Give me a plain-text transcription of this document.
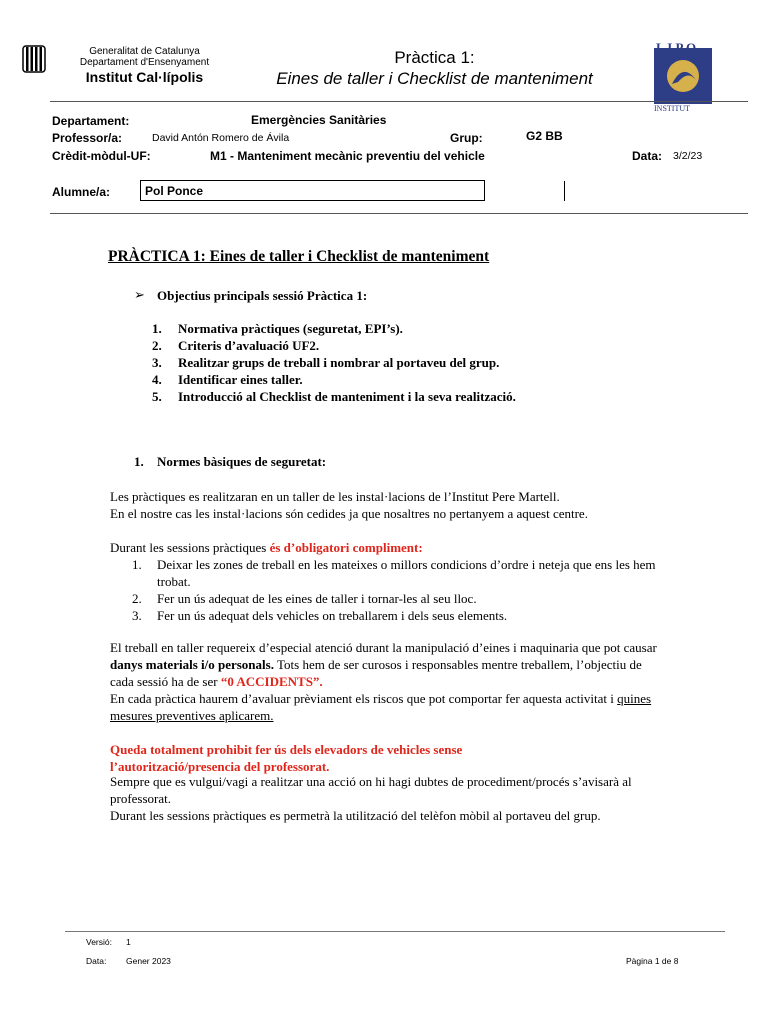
Generalitat de Catalunya
Departament d'Ensenyament
Institut Cal·lípolis
Pràctica 1:
Eines de taller i Checklist de manteniment
L I P O
INSTITUT
Departament:	Emergències Sanitàries
Professor/a:	David Antón Romero de Ávila	Grup:	G2 BB
Crèdit-mòdul-UF:	M1 - Manteniment mecànic preventiu del vehicle	Data: 3/2/23
Alumne/a:	Pol Ponce
PRÀCTICA 1: Eines de taller i Checklist de manteniment
➢ Objectius principals sessió Pràctica 1:
1. Normativa pràctiques (seguretat, EPI’s).
2. Criteris d’avaluació UF2.
3. Realitzar grups de treball i nombrar al portaveu del grup.
4. Identificar eines taller.
5. Introducció al Checklist de manteniment i la seva realització.
1. Normes bàsiques de seguretat:
Les pràctiques es realitzaran en un taller de les instal·lacions de l’Institut Pere Martell.
En el nostre cas les instal·lacions són cedides ja que nosaltres no pertanyem a aquest centre.
Durant les sessions pràctiques és d’obligatori compliment:
1.	Deixar les zones de treball en les mateixes o millors condicions d’ordre i neteja que ens les hem trobat.
2.	Fer un ús adequat de les eines de taller i tornar-les al seu lloc.
3.	Fer un ús adequat dels vehicles on treballarem i dels seus elements.
El treball en taller requereix d’especial atenció durant la manipulació d’eines i maquinaria que pot causar danys materials i/o personals. Tots hem de ser curosos i responsables mentre treballem, l’objectiu de cada sessió ha de ser “0 ACCIDENTS”.
En cada pràctica haurem d’avaluar prèviament els riscos que pot comportar fer aquesta activitat i quines mesures preventives aplicarem.
Queda totalment prohibit fer ús dels elevadors de vehicles sense l’autorització/presencia del professorat.
Sempre que es vulgui/vagi a realitzar una acció on hi hagi dubtes de procediment/procés s’avisarà al professorat.
Durant les sessions pràctiques es permetrà la utilització del telèfon mòbil al portaveu del grup.
Versió: 1
Data: Gener 2023	Pàgina 1 de 8
